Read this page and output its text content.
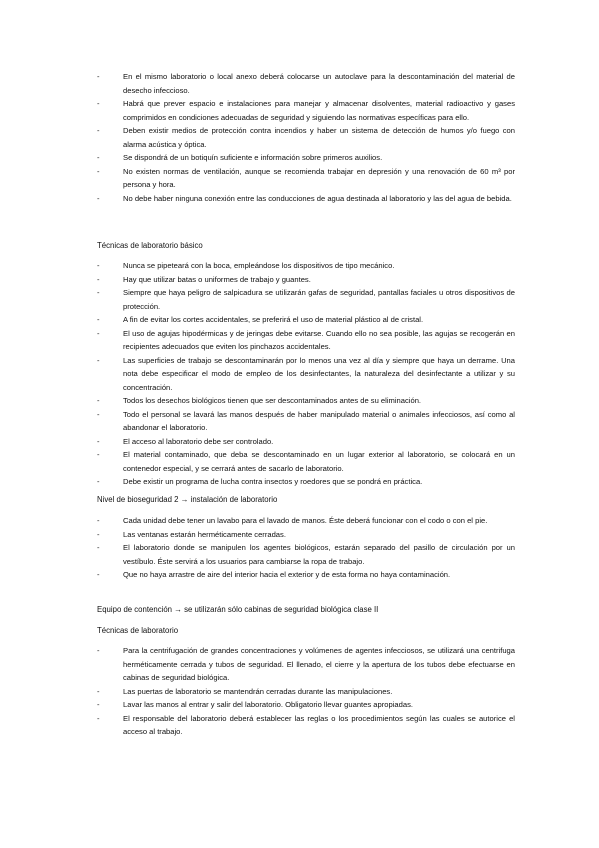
- En el mismo laboratorio o local anexo deberá colocarse un autoclave para la descontaminación del material de desecho infeccioso.
- Habrá que prever espacio e instalaciones para manejar y almacenar disolventes, material radioactivo y gases comprimidos en condiciones adecuadas de seguridad y siguiendo las normativas específicas para ello.
- Deben existir medios de protección contra incendios y haber un sistema de detección de humos y/o fuego con alarma acústica y óptica.
- Se dispondrá de un botiquín suficiente e información sobre primeros auxilios.
- No existen normas de ventilación, aunque se recomienda trabajar en depresión y una renovación de 60 m³ por persona y hora.
- No debe haber ninguna conexión entre las conducciones de agua destinada al laboratorio y las del agua de bebida.
Técnicas de laboratorio básico
- Nunca se pipeteará con la boca, empleándose los dispositivos de tipo mecánico.
- Hay que utilizar batas o uniformes de trabajo y guantes.
- Siempre que haya peligro de salpicadura se utilizarán gafas de seguridad, pantallas faciales u otros dispositivos de protección.
- A fin de evitar los cortes accidentales, se preferirá el uso de material plástico al de cristal.
- El uso de agujas hipodérmicas y de jeringas debe evitarse. Cuando ello no sea posible, las agujas se recogerán en recipientes adecuados que eviten los pinchazos accidentales.
- Las superficies de trabajo se descontaminarán por lo menos una vez al día y siempre que haya un derrame. Una nota debe especificar el modo de empleo de los desinfectantes, la naturaleza del desinfectante a utilizar y su concentración.
- Todos los desechos biológicos tienen que ser descontaminados antes de su eliminación.
- Todo el personal se lavará las manos después de haber manipulado material o animales infecciosos, así como al abandonar el laboratorio.
- El acceso al laboratorio debe ser controlado.
- El material contaminado, que deba se descontaminado en un lugar exterior al laboratorio, se colocará en un contenedor especial, y se cerrará antes de sacarlo de laboratorio.
- Debe existir un programa de lucha contra insectos y roedores que se pondrá en práctica.
Nivel de bioseguridad 2 → instalación de laboratorio
- Cada unidad debe tener un lavabo para el lavado de manos. Éste deberá funcionar con el codo o con el pie.
- Las ventanas estarán herméticamente cerradas.
- El laboratorio donde se manipulen los agentes biológicos, estarán separado del pasillo de circulación por un vestíbulo. Éste servirá a los usuarios para cambiarse la ropa de trabajo.
- Que no haya arrastre de aire del interior hacia el exterior y de esta forma no haya contaminación.
Equipo de contención → se utilizarán sólo cabinas de seguridad biológica clase II
Técnicas de laboratorio
- Para la centrifugación de grandes concentraciones y volúmenes de agentes infecciosos, se utilizará una centrifuga herméticamente cerrada y tubos de seguridad. El llenado, el cierre y la apertura de los tubos debe efectuarse en cabinas de seguridad biológica.
- Las puertas de laboratorio se mantendrán cerradas durante las manipulaciones.
- Lavar las manos al entrar y salir del laboratorio. Obligatorio llevar guantes apropiadas.
- El responsable del laboratorio deberá establecer las reglas o los procedimientos según las cuales se autorice el acceso al trabajo.
